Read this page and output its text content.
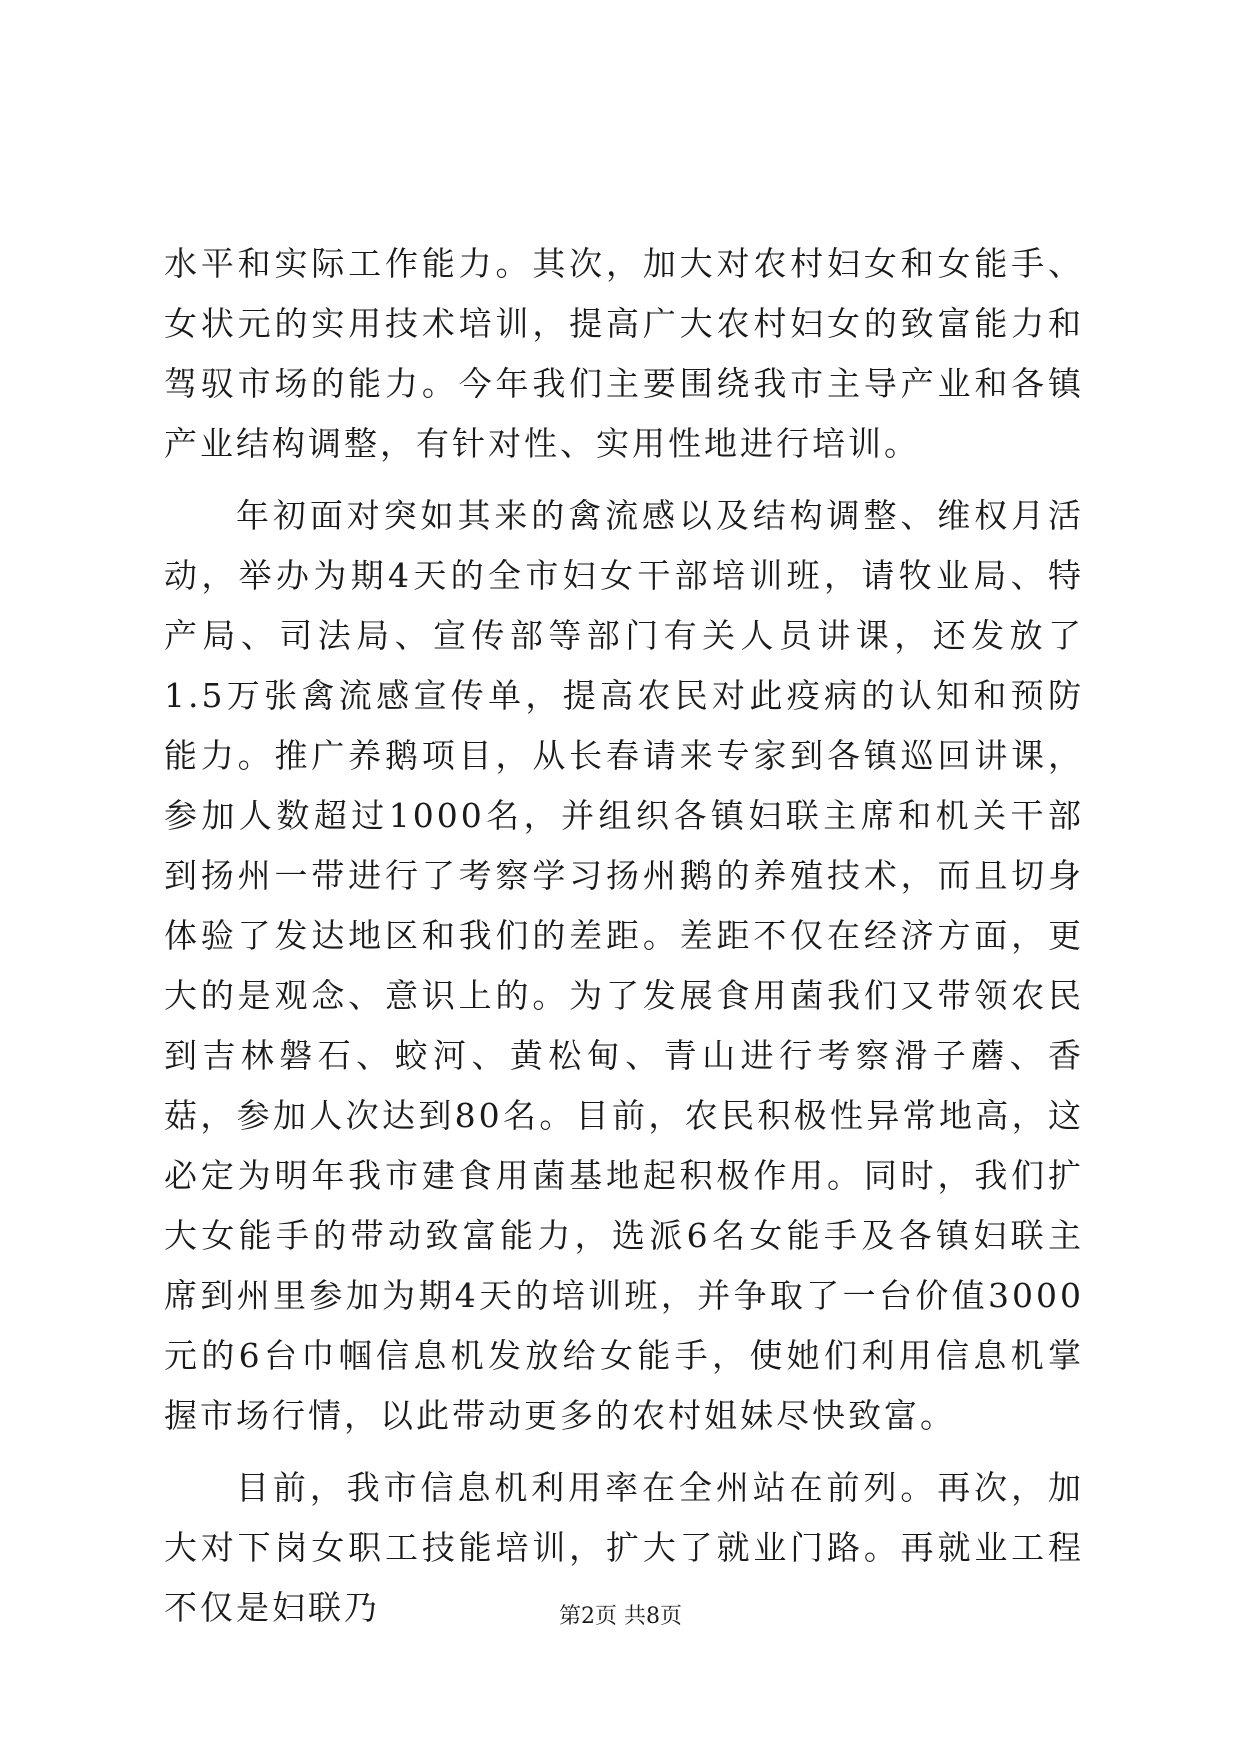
水平和实际工作能力。其次，加大对农村妇女和女能手、女状元的实用技术培训，提高广大农村妇女的致富能力和驾驭市场的能力。今年我们主要围绕我市主导产业和各镇产业结构调整，有针对性、实用性地进行培训。

年初面对突如其来的禽流感以及结构调整、维权月活动，举办为期4天的全市妇女干部培训班，请牧业局、特产局、司法局、宣传部等部门有关人员讲课，还发放了1.5万张禽流感宣传单，提高农民对此疫病的认知和预防能力。推广养鹅项目，从长春请来专家到各镇巡回讲课，参加人数超过1000名，并组织各镇妇联主席和机关干部到扬州一带进行了考察学习扬州鹅的养殖技术，而且切身体验了发达地区和我们的差距。差距不仅在经济方面，更大的是观念、意识上的。为了发展食用菌我们又带领农民到吉林磐石、蛟河、黄松甸、青山进行考察滑子蘑、香菇，参加人次达到80名。目前，农民积极性异常地高，这必定为明年我市建食用菌基地起积极作用。同时，我们扩大女能手的带动致富能力，选派6名女能手及各镇妇联主席到州里参加为期4天的培训班，并争取了一台价值3000元的6台巾帼信息机发放给女能手，使她们利用信息机掌握市场行情，以此带动更多的农村姐妹尽快致富。

目前，我市信息机利用率在全州站在前列。再次，加大对下岗女职工技能培训，扩大了就业门路。再就业工程不仅是妇联乃	第2页 共8页
